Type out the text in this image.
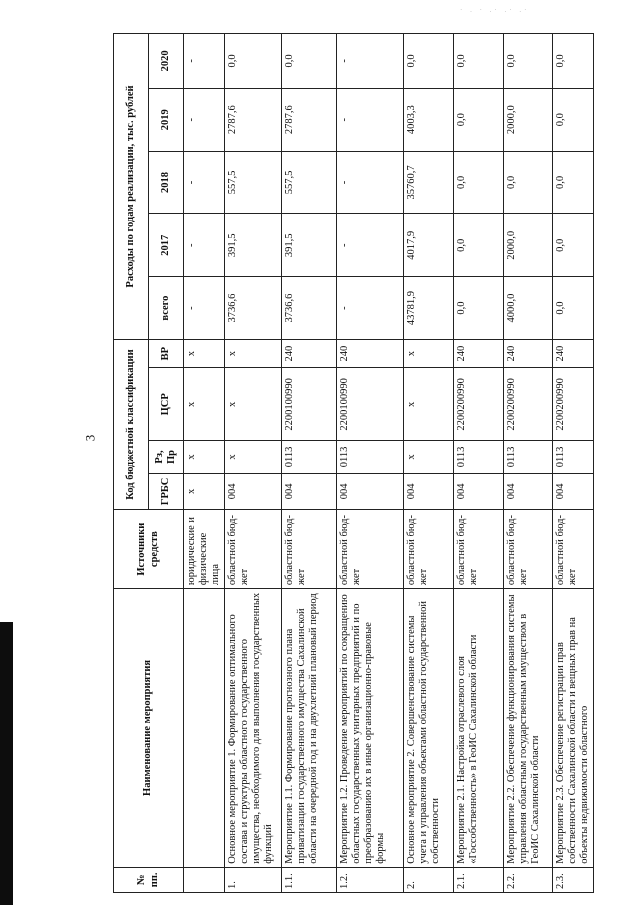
· . · .· .· .·
3
№ пп.	Наименование мероприятия	Источники средств	Код бюджетной классификации				Расходы по годам реализации, тыс. рублей				
			ГРБС	Рз, Пр	ЦСР	ВР	всего	2017	2018	2019	2020
		юридические и физические лица	x	x	x	x	-	-	-	-	-
1.	Основное мероприятие 1. Формирование оптимального состава и структуры областного государственного имущества, необходимого для выполнения государственных функций	областной бюд-жет	004	x	x	x	3736,6	391,5	557,5	2787,6	0,0
1.1.	Мероприятие 1.1. Формирование прогнозного плана приватизации государственного имущества Сахалинской области на очередной год и на двухлетний плановый период	областной бюд-жет	004	0113	2200100990	240	3736,6	391,5	557,5	2787,6	0,0
1.2.	Мероприятие 1.2. Проведение мероприятий по сокращению областных государственных унитарных предприятий и по преобразованию их в иные организационно-правовые формы	областной бюд-жет	004	0113	2200100990	240	-	-	-	-	-
2.	Основное мероприятие 2. Совершенствование системы учета и управления объектами областной государственной собственности	областной бюд-жет	004	x	x	x	43781,9	4017,9	35760,7	4003,3	0,0
2.1.	Мероприятие 2.1. Настройка отраслевого слоя «Госсобственность» в ГеоИС Сахалинской области	областной бюд-жет	004	0113	2200200990	240	0,0	0,0	0,0	0,0	0,0
2.2.	Мероприятие 2.2. Обеспечение функционирования системы управления областным государственным имуществом в ГеоИС Сахалинской области	областной бюд-жет	004	0113	2200200990	240	4000,0	2000,0	0,0	2000,0	0,0
2.3.	Мероприятие 2.3. Обеспечение регистрации прав собственности Сахалинской области и вещных прав на объекты недвижимости областного	областной бюд-жет	004	0113	2200200990	240	0,0	0,0	0,0	0,0	0,0
